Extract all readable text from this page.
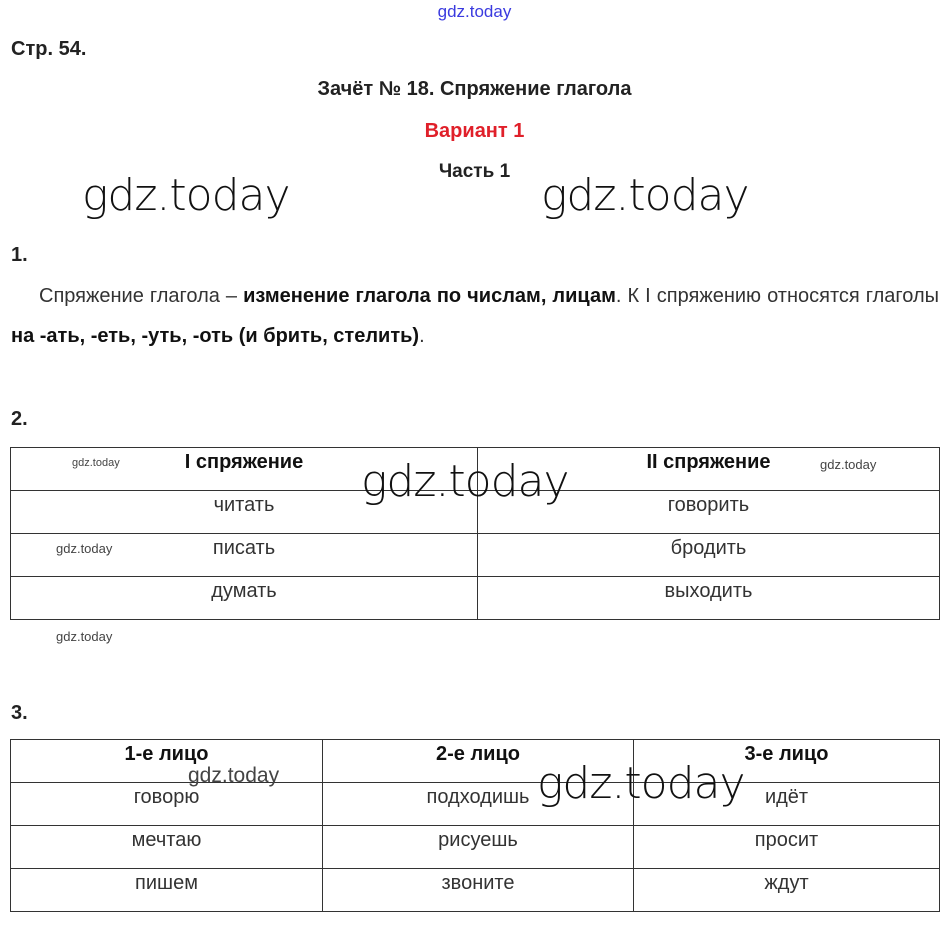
gdz.today
Стр. 54.
Зачёт № 18. Спряжение глагола
Вариант 1
Часть 1
gdz.today	gdz.today
1.
Спряжение глагола – изменение глагола по числам, лицам. К I спряжению относятся глаголы на -ать, -еть, -уть, -оть (и брить, стелить).
2.
I спряжение	II спряжение
читать	говорить
писать	бродить
думать	выходить
gdz.today	gdz.today
gdz.today
gdz.today
gdz.today
3.
1-е лицо	2-е лицо	3-е лицо
говорю	подходишь	идёт
мечтаю	рисуешь	просит
пишем	звоните	ждут
gdz.today	gdz.today
